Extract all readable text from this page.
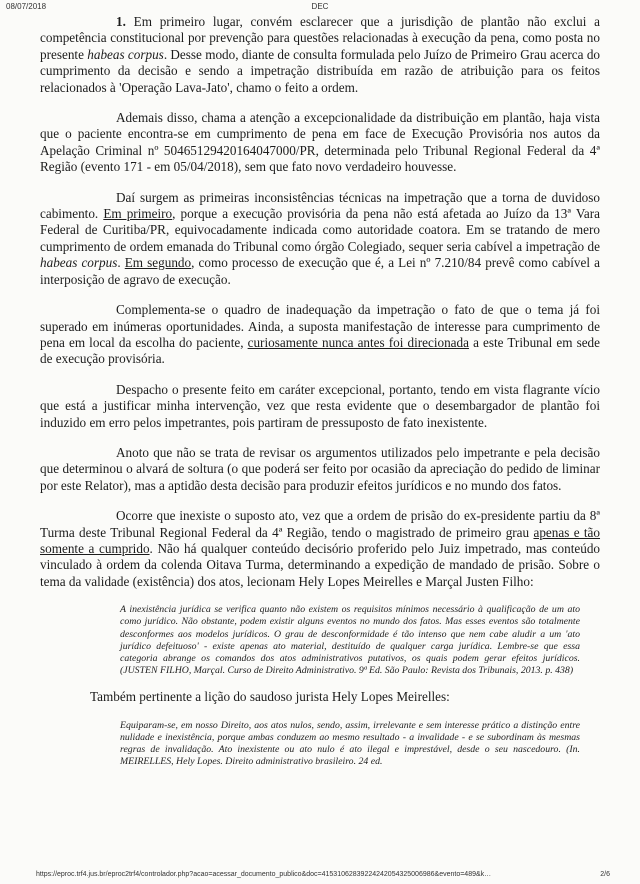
08/07/2018	DEC

1. Em primeiro lugar, convém esclarecer que a jurisdição de plantão não exclui a competência constitucional por prevenção para questões relacionadas à execução da pena, como posta no presente habeas corpus. Desse modo, diante de consulta formulada pelo Juízo de Primeiro Grau acerca do cumprimento da decisão e sendo a impetração distribuída em razão de atribuição para os feitos relacionados à 'Operação Lava-Jato', chamo o feito a ordem.

Ademais disso, chama a atenção a excepcionalidade da distribuição em plantão, haja vista que o paciente encontra-se em cumprimento de pena em face de Execução Provisória nos autos da Apelação Criminal nº 50465129420164047000/PR, determinada pelo Tribunal Regional Federal da 4ª Região (evento 171 - em 05/04/2018), sem que fato novo verdadeiro houvesse.

Daí surgem as primeiras inconsistências técnicas na impetração que a torna de duvidoso cabimento. Em primeiro, porque a execução provisória da pena não está afetada ao Juízo da 13ª Vara Federal de Curitiba/PR, equivocadamente indicada como autoridade coatora. Em se tratando de mero cumprimento de ordem emanada do Tribunal como órgão Colegiado, sequer seria cabível a impetração de habeas corpus. Em segundo, como processo de execução que é, a Lei nº 7.210/84 prevê como cabível a interposição de agravo de execução.

Complementa-se o quadro de inadequação da impetração o fato de que o tema já foi superado em inúmeras oportunidades. Ainda, a suposta manifestação de interesse para cumprimento de pena em local da escolha do paciente, curiosamente nunca antes foi direcionada a este Tribunal em sede de execução provisória.

Despacho o presente feito em caráter excepcional, portanto, tendo em vista flagrante vício que está a justificar minha intervenção, vez que resta evidente que o desembargador de plantão foi induzido em erro pelos impetrantes, pois partiram de pressuposto de fato inexistente.

Anoto que não se trata de revisar os argumentos utilizados pelo impetrante e pela decisão que determinou o alvará de soltura (o que poderá ser feito por ocasião da apreciação do pedido de liminar por este Relator), mas a aptidão desta decisão para produzir efeitos jurídicos e no mundo dos fatos.

Ocorre que inexiste o suposto ato, vez que a ordem de prisão do ex-presidente partiu da 8ª Turma deste Tribunal Regional Federal da 4ª Região, tendo o magistrado de primeiro grau apenas e tão somente a cumprido. Não há qualquer conteúdo decisório proferido pelo Juiz impetrado, mas conteúdo vinculado à ordem da colenda Oitava Turma, determinando a expedição de mandado de prisão. Sobre o tema da validade (existência) dos atos, lecionam Hely Lopes Meirelles e Marçal Justen Filho:

A inexistência jurídica se verifica quanto não existem os requisitos mínimos necessário à qualificação de um ato como jurídico. Não obstante, podem existir alguns eventos no mundo dos fatos. Mas esses eventos são totalmente desconformes aos modelos jurídicos. O grau de desconformidade é tão intenso que nem cabe aludir a um 'ato jurídico defeituoso' - existe apenas ato material, destituído de qualquer carga jurídica. Lembre-se que essa categoria abrange os comandos dos atos administrativos putativos, os quais podem gerar efeitos jurídicos. (JUSTEN FILHO, Marçal. Curso de Direito Administrativo. 9ª Ed. São Paulo: Revista dos Tribunais, 2013. p. 438)

Também pertinente a lição do saudoso jurista Hely Lopes Meirelles:

Equiparam-se, em nosso Direito, aos atos nulos, sendo, assim, irrelevante e sem interesse prático a distinção entre nulidade e inexistência, porque ambas conduzem ao mesmo resultado - a invalidade - e se subordinam às mesmas regras de invalidação. Ato inexistente ou ato nulo é ato ilegal e imprestável, desde o seu nascedouro. (In. MEIRELLES, Hely Lopes. Direito administrativo brasileiro. 24 ed.
https://eproc.trf4.jus.br/eproc2trf4/controlador.php?acao=acessar_documento_publico&doc=41531062839224242054325006986&evento=489&k…	2/6
